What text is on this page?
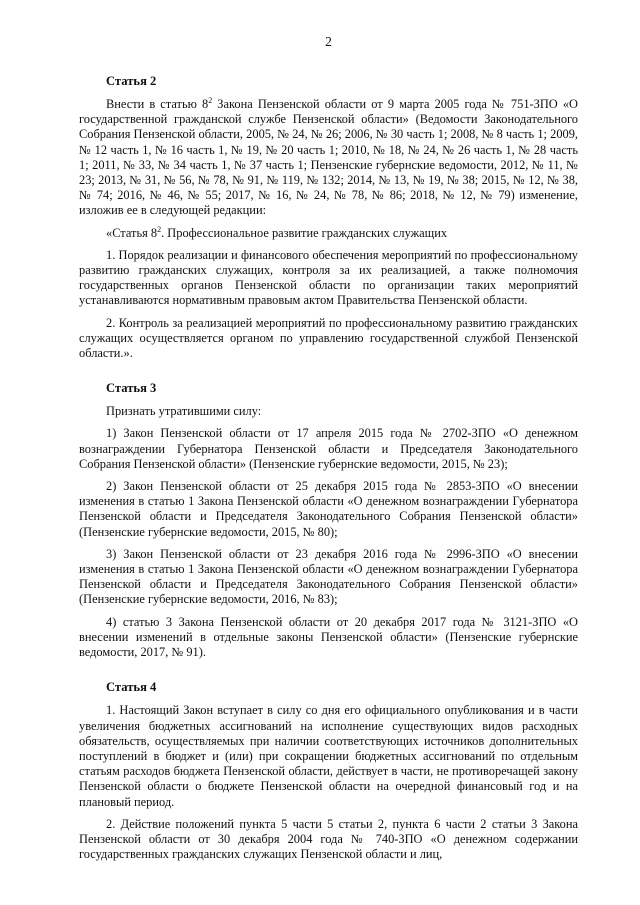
2
Статья 2

Внести в статью $8^2$ Закона Пензенской области от 9 марта 2005 года № 751-ЗПО «О государственной гражданской службе Пензенской области» (Ведомости Законодательного Собрания Пензенской области, 2005, № 24, № 26; 2006, № 30 часть 1; 2008, № 8 часть 1; 2009, № 12 часть 1, № 16 часть 1, № 19, № 20 часть 1; 2010, № 18, № 24, № 26 часть 1, № 28 часть 1; 2011, № 33, № 34 часть 1, № 37 часть 1; Пензенские губернские ведомости, 2012, № 11, № 23; 2013, № 31, № 56, № 78, № 91, № 119, № 132; 2014, № 13, № 19, № 38; 2015, № 12, № 38, № 74; 2016, № 46, № 55; 2017, № 16, № 24, № 78, № 86; 2018, № 12, № 79) изменение, изложив ее в следующей редакции:

«Статья $8^2$. Профессиональное развитие гражданских служащих

1. Порядок реализации и финансового обеспечения мероприятий по профессиональному развитию гражданских служащих, контроля за их реализацией, а также полномочия государственных органов Пензенской области по организации таких мероприятий устанавливаются нормативным правовым актом Правительства Пензенской области.

2. Контроль за реализацией мероприятий по профессиональному развитию гражданских служащих осуществляется органом по управлению государственной службой Пензенской области.».

Статья 3

Признать утратившими силу:

1) Закон Пензенской области от 17 апреля 2015 года № 2702-ЗПО «О денежном вознаграждении Губернатора Пензенской области и Председателя Законодательного Собрания Пензенской области» (Пензенские губернские ведомости, 2015, № 23);

2) Закон Пензенской области от 25 декабря 2015 года № 2853-ЗПО «О внесении изменения в статью 1 Закона Пензенской области «О денежном вознаграждении Губернатора Пензенской области и Председателя Законодательного Собрания Пензенской области» (Пензенские губернские ведомости, 2015, № 80);

3) Закон Пензенской области от 23 декабря 2016 года № 2996-ЗПО «О внесении изменения в статью 1 Закона Пензенской области «О денежном вознаграждении Губернатора Пензенской области и Председателя Законодательного Собрания Пензенской области» (Пензенские губернские ведомости, 2016, № 83);

4) статью 3 Закона Пензенской области от 20 декабря 2017 года № 3121-ЗПО «О внесении изменений в отдельные законы Пензенской области» (Пензенские губернские ведомости, 2017, № 91).

Статья 4

1. Настоящий Закон вступает в силу со дня его официального опубликования и в части увеличения бюджетных ассигнований на исполнение существующих видов расходных обязательств, осуществляемых при наличии соответствующих источников дополнительных поступлений в бюджет и (или) при сокращении бюджетных ассигнований по отдельным статьям расходов бюджета Пензенской области, действует в части, не противоречащей закону Пензенской области о бюджете Пензенской области на очередной финансовый год и на плановый период.

2. Действие положений пункта 5 части 5 статьи 2, пункта 6 части 2 статьи 3 Закона Пензенской области от 30 декабря 2004 года № 740-ЗПО «О денежном содержании государственных гражданских служащих Пензенской области и лиц,
